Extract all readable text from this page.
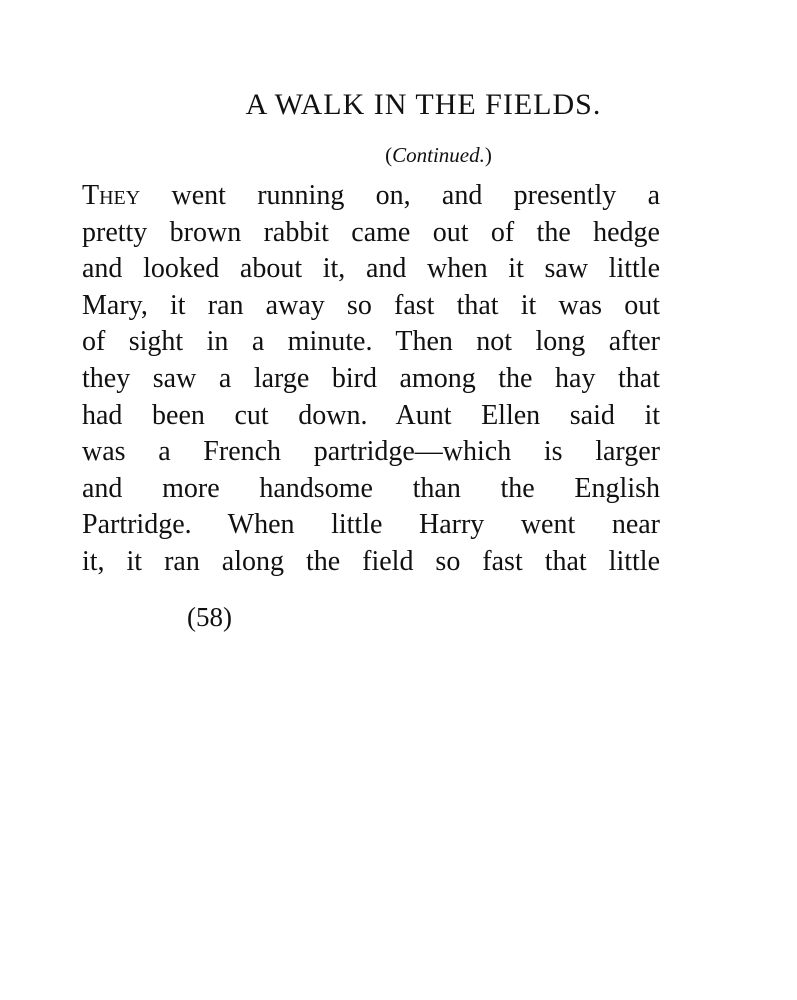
A WALK IN THE FIELDS.
(Continued.)
They went running on, and presently a
pretty brown rabbit came out of the hedge
and looked about it, and when it saw little
Mary, it ran away so fast that it was out
of sight in a minute. Then not long after
they saw a large bird among the hay that
had been cut down. Aunt Ellen said it
was a French partridge—which is larger
and more handsome than the English
Partridge. When little Harry went near
it, it ran along the field so fast that little
(58)
